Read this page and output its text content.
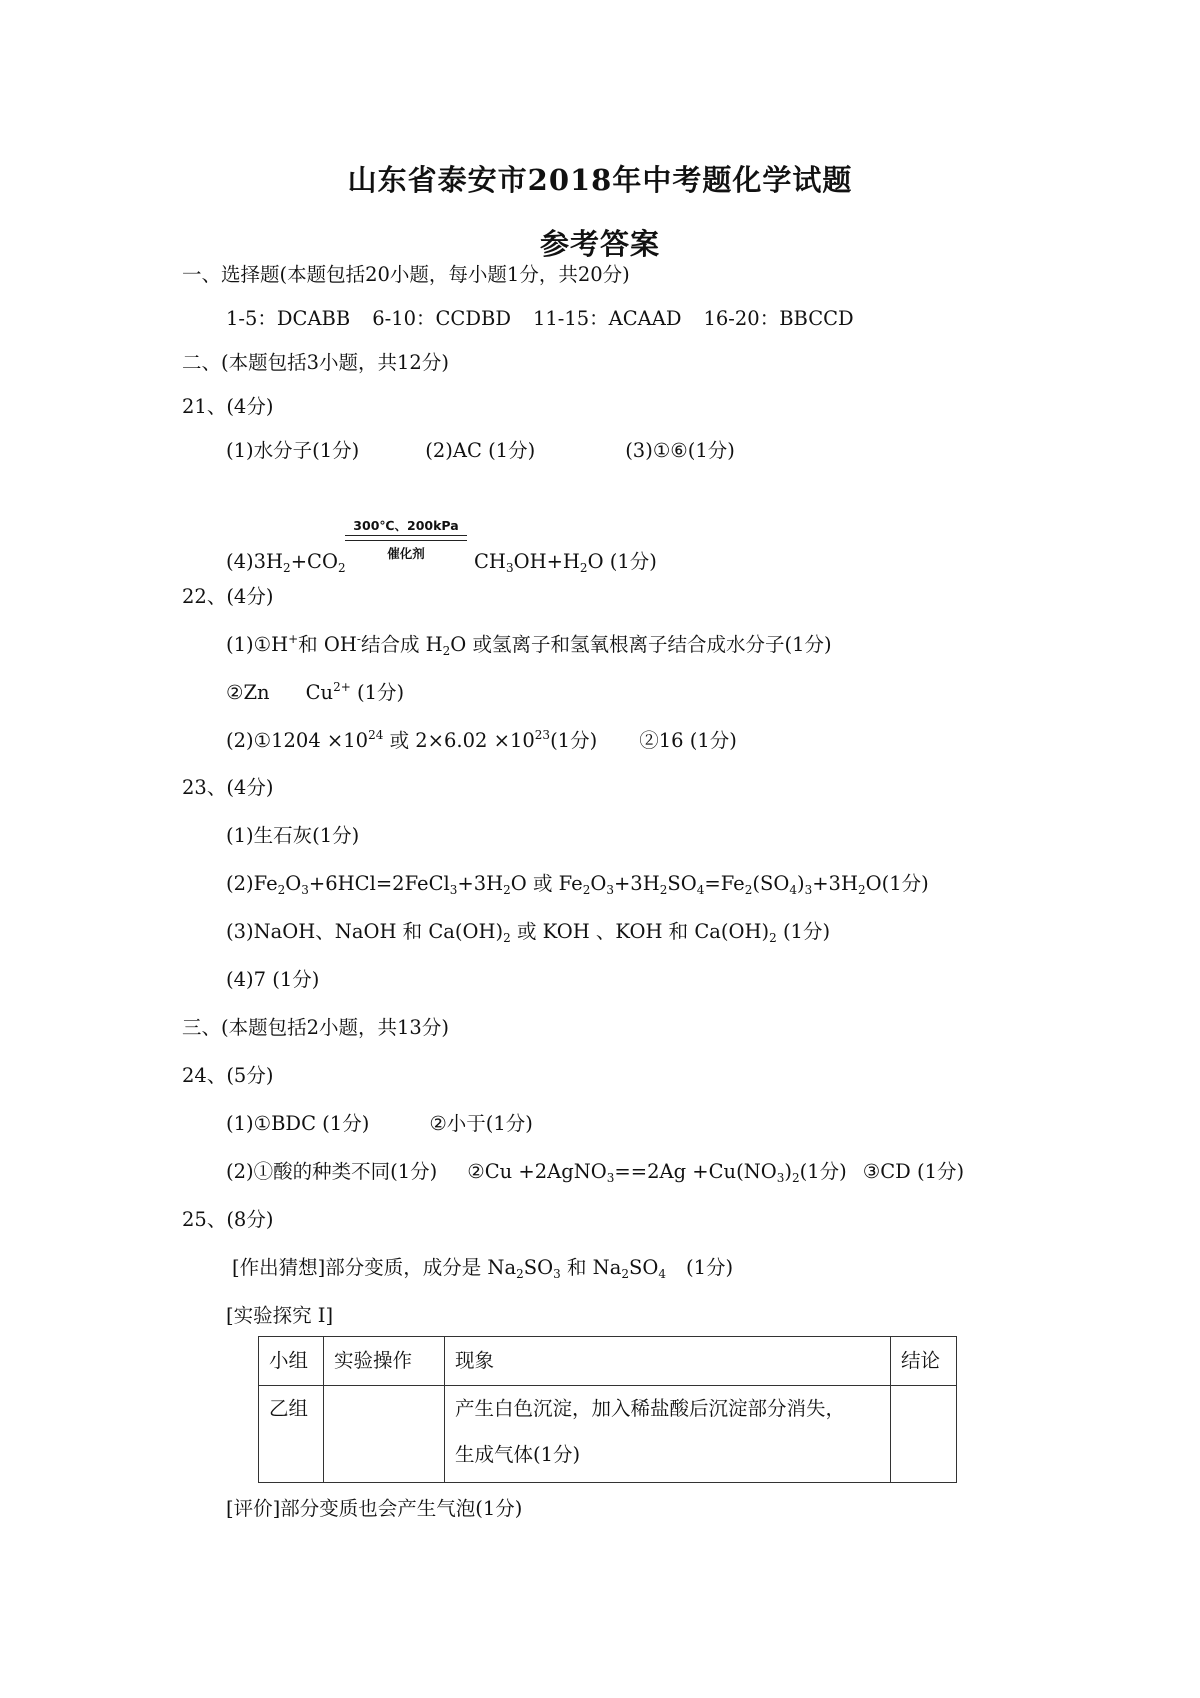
山东省泰安市2018年中考题化学试题
参考答案
一、选择题(本题包括20小题，每小题1分，共20分)
1-5：DCABB 6-10：CCDBD 11-15：ACAAD 16-20：BBCCD
二、(本题包括3小题，共12分)
21、(4分)
(1)水分子(1分)	(2)AC (1分)	(3)①⑥(1分)
$(4)3H_2+CO_2$
300℃、200kPa
催化剂	$CH_3OH+H_2O$ (1分)
22、(4分)
(1)①H+和 OH-结合成 $H_2O$ 或氢离子和氢氧根离子结合成水分子(1分)
②Zn $Cu^{2+}$ (1分)
(2)①1204 $\times 10^{24}$ 或 $2\times 6.02 \times 10^{23}(1$分) ②16 (1分)
23、(4分)
(1)生石灰(1分)
$(2)Fe_2O_3+6HCl=2FeCl_3+3H_2O$ 或 $Fe_2O_3+3H_2SO_4=Fe_2(SO_4)_3+3H_2O(1$分)
(3)NaOH、NaOH 和 $Ca(OH)_2$ 或 KOH 、KOH 和 $Ca(OH)_2$ (1分)
(4)7 (1分)
三、(本题包括2小题，共13分)
24、(5分)
(1)①BDC (1分)	②小于(1分)
(2)①酸的种类不同(1分) ②Cu +2AgNO$_3$==2Ag $+Cu(NO_3)_2(1$分) ③CD (1分)
25、(8分)
[作出猜想]部分变质，成分是 $Na_2SO_3$ 和 $Na_2SO_4$ (1分)
[实验探究 I]
小组	实验操作	现象	结论
乙组		产生白色沉淀，加入稀盐酸后沉淀部分消失，
生成气体(1分)	

[评价]部分变质也会产生气泡(1分)
